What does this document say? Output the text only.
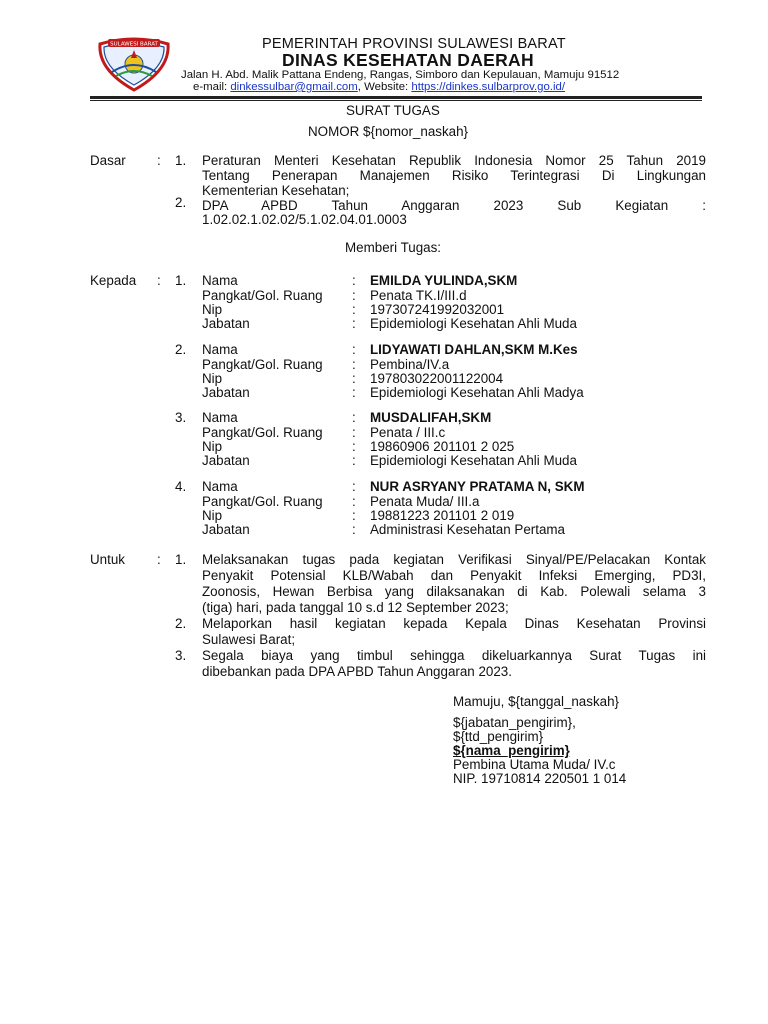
SULAWESI BARAT	PEMERINTAH PROVINSI SULAWESI BARAT
DINAS KESEHATAN DAERAH
Jalan H. Abd. Malik Pattana Endeng, Rangas, Simboro dan Kepulauan, Mamuju 91512
e-mail: dinkessulbar@gmail.com, Website: https://dinkes.sulbarprov.go.id/
SURAT TUGAS
NOMOR ${nomor_naskah}
Dasar : 1. Peraturan Menteri Kesehatan Republik Indonesia Nomor 25 Tahun 2019
Tentang Penerapan Manajemen Risiko Terintegrasi Di Lingkungan
Kementerian Kesehatan;
2. DPA APBD Tahun Anggaran 2023 Sub Kegiatan :
1.02.02.1.02.02/5.1.02.04.01.0003
Memberi Tugas:
Kepada : 1. Nama
Pangkat/Gol. Ruang
Nip
Jabatan
:
:
:
:
EMILDA YULINDA,SKM
Penata TK.I/III.d
197307241992032001
Epidemiologi Kesehatan Ahli Muda
2. Nama
Pangkat/Gol. Ruang
Nip
Jabatan
:
:
:
:
LIDYAWATI DAHLAN,SKM M.Kes
Pembina/IV.a
197803022001122004
Epidemiologi Kesehatan Ahli Madya
3. Nama
Pangkat/Gol. Ruang
Nip
Jabatan
:
:
:
:
MUSDALIFAH,SKM
Penata / III.c
19860906 201101 2 025
Epidemiologi Kesehatan Ahli Muda
4. Nama
Pangkat/Gol. Ruang
Nip
Jabatan
:
:
:
:
NUR ASRYANY PRATAMA N, SKM
Penata Muda/ III.a
19881223 201101 2 019
Administrasi Kesehatan Pertama
Untuk : 1. Melaksanakan tugas pada kegiatan Verifikasi Sinyal/PE/Pelacakan Kontak
Penyakit Potensial KLB/Wabah dan Penyakit Infeksi Emerging, PD3I,
Zoonosis, Hewan Berbisa yang dilaksanakan di Kab. Polewali selama 3
(tiga) hari, pada tanggal 10 s.d 12 September 2023;
2. Melaporkan hasil kegiatan kepada Kepala Dinas Kesehatan Provinsi
Sulawesi Barat;
3. Segala biaya yang timbul sehingga dikeluarkannya Surat Tugas ini
dibebankan pada DPA APBD Tahun Anggaran 2023.
Mamuju, ${tanggal_naskah}
${jabatan_pengirim},
${ttd_pengirim}
${nama_pengirim}
Pembina Utama Muda/ IV.c
NIP. 19710814 220501 1 014
